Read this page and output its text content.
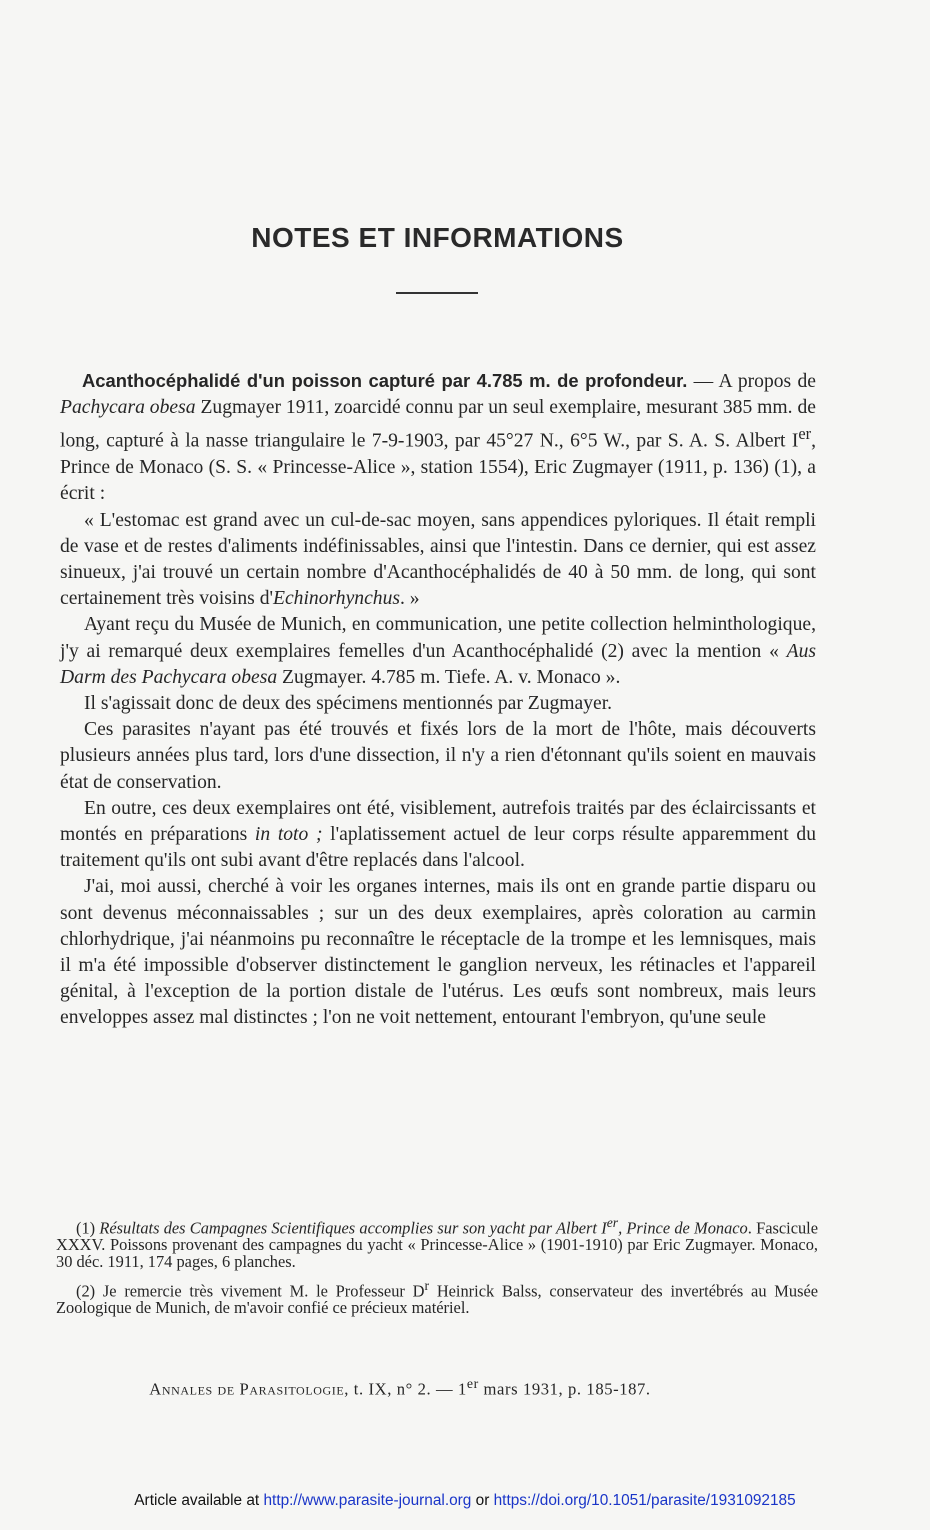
NOTES ET INFORMATIONS

Acanthocéphalidé d'un poisson capturé par 4.785 m. de profondeur. — A propos de Pachycara obesa Zugmayer 1911, zoarcidé connu par un seul exemplaire, mesurant 385 mm. de long, capturé à la nasse triangulaire le 7-9-1903, par 45°27 N., 6°5 W., par S. A. S. Albert Ier, Prince de Monaco (S. S. « Princesse-Alice », station 1554), Eric Zugmayer (1911, p. 136) (1), a écrit :

« L'estomac est grand avec un cul-de-sac moyen, sans appendices pyloriques. Il était rempli de vase et de restes d'aliments indéfinissables, ainsi que l'intestin. Dans ce dernier, qui est assez sinueux, j'ai trouvé un certain nombre d'Acanthocéphalidés de 40 à 50 mm. de long, qui sont certainement très voisins d'Echinorhynchus. »

Ayant reçu du Musée de Munich, en communication, une petite collection helminthologique, j'y ai remarqué deux exemplaires femelles d'un Acanthocéphalidé (2) avec la mention « Aus Darm des Pachycara obesa Zugmayer. 4.785 m. Tiefe. A. v. Monaco ».

Il s'agissait donc de deux des spécimens mentionnés par Zugmayer.

Ces parasites n'ayant pas été trouvés et fixés lors de la mort de l'hôte, mais découverts plusieurs années plus tard, lors d'une dissection, il n'y a rien d'étonnant qu'ils soient en mauvais état de conservation.

En outre, ces deux exemplaires ont été, visiblement, autrefois traités par des éclaircissants et montés en préparations in toto ; l'aplatissement actuel de leur corps résulte apparemment du traitement qu'ils ont subi avant d'être replacés dans l'alcool.

J'ai, moi aussi, cherché à voir les organes internes, mais ils ont en grande partie disparu ou sont devenus méconnaissables ; sur un des deux exemplaires, après coloration au carmin chlorhydrique, j'ai néanmoins pu reconnaître le réceptacle de la trompe et les lemnisques, mais il m'a été impossible d'observer distinctement le ganglion nerveux, les rétinacles et l'appareil génital, à l'exception de la portion distale de l'utérus. Les œufs sont nombreux, mais leurs enveloppes assez mal distinctes ; l'on ne voit nettement, entourant l'embryon, qu'une seule

(1) Résultats des Campagnes Scientifiques accomplies sur son yacht par Albert Ier, Prince de Monaco. Fascicule XXXV. Poissons provenant des campagnes du yacht « Princesse-Alice » (1901-1910) par Eric Zugmayer. Monaco, 30 déc. 1911, 174 pages, 6 planches.

(2) Je remercie très vivement M. le Professeur $D^r$ Heinrick Balss, conservateur des invertébrés au Musée Zoologique de Munich, de m'avoir confié ce précieux matériel.

Annales de Parasitologie, t. IX, n° 2. — 1er mars 1931, p. 185-187.
Article available at http://www.parasite-journal.org or https://doi.org/10.1051/parasite/1931092185
